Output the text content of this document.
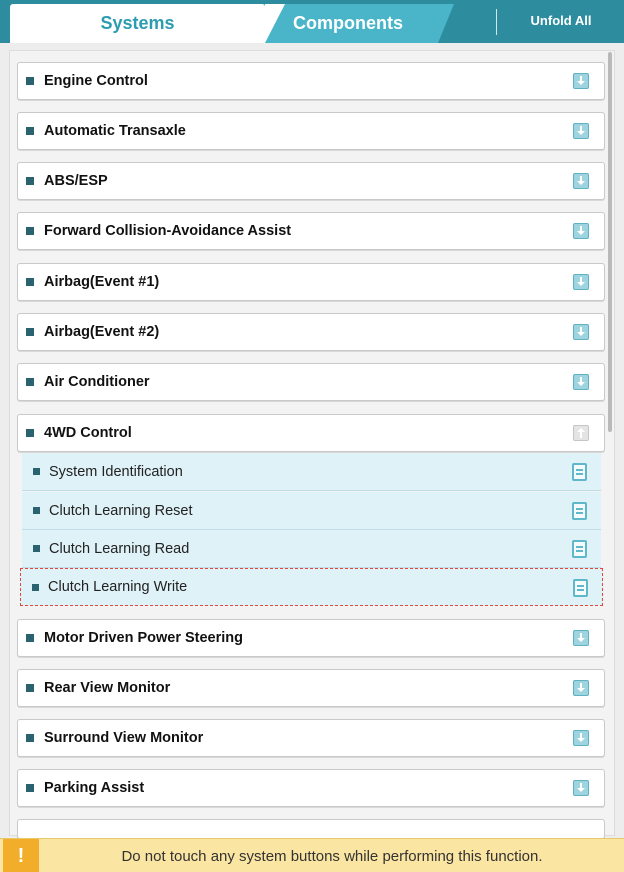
Systems	Components	Unfold All
Engine Control
Automatic Transaxle
ABS/ESP
Forward Collision-Avoidance Assist
Airbag(Event #1)
Airbag(Event #2)
Air Conditioner
4WD Control
System Identification
Clutch Learning Reset
Clutch Learning Read
Clutch Learning Write
Motor Driven Power Steering
Rear View Monitor
Surround View Monitor
Parking Assist
!	Do not touch any system buttons while performing this function.
